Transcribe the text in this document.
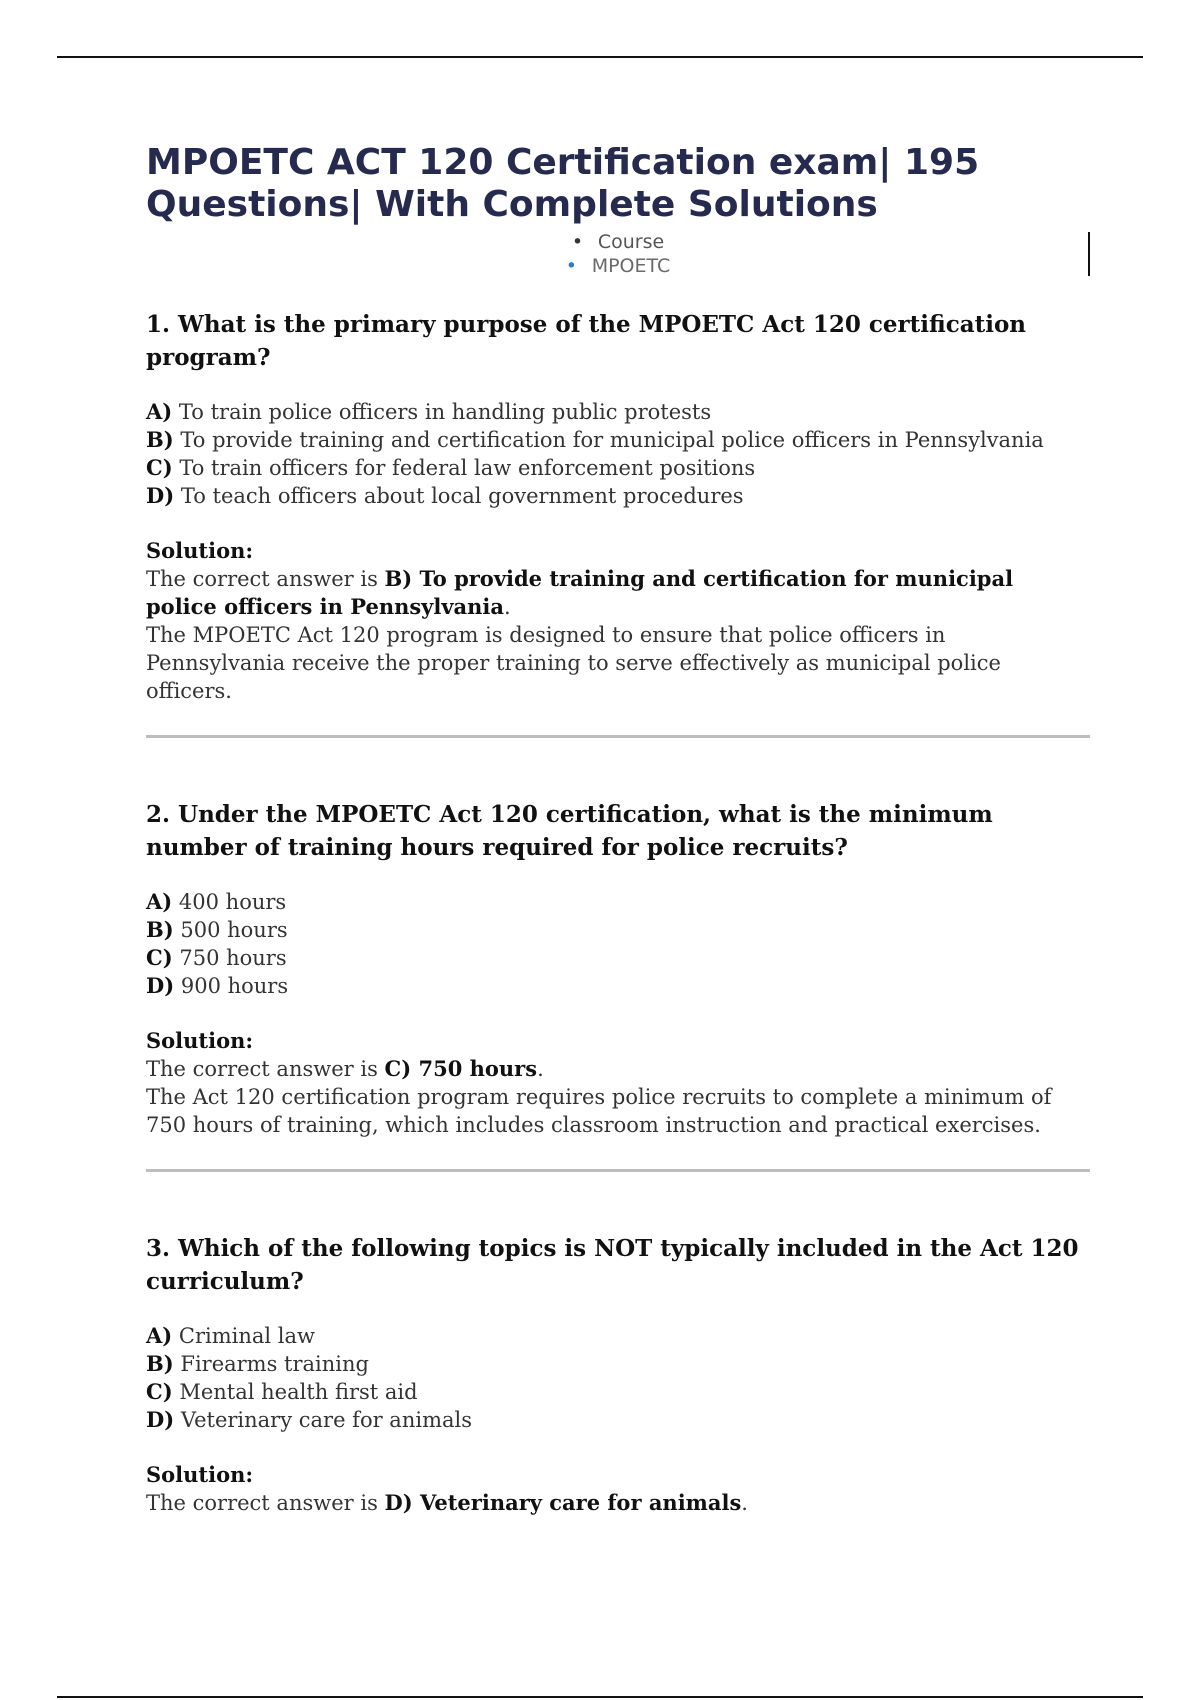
MPOETC ACT 120 Certification exam| 195 Questions| With Complete Solutions
• Course
• MPOETC
1. What is the primary purpose of the MPOETC Act 120 certification program?
A) To train police officers in handling public protests
B) To provide training and certification for municipal police officers in Pennsylvania
C) To train officers for federal law enforcement positions
D) To teach officers about local government procedures
Solution:
The correct answer is B) To provide training and certification for municipal police officers in Pennsylvania.
The MPOETC Act 120 program is designed to ensure that police officers in Pennsylvania receive the proper training to serve effectively as municipal police officers.
2. Under the MPOETC Act 120 certification, what is the minimum number of training hours required for police recruits?
A) 400 hours
B) 500 hours
C) 750 hours
D) 900 hours
Solution:
The correct answer is C) 750 hours.
The Act 120 certification program requires police recruits to complete a minimum of 750 hours of training, which includes classroom instruction and practical exercises.
3. Which of the following topics is NOT typically included in the Act 120 curriculum?
A) Criminal law
B) Firearms training
C) Mental health first aid
D) Veterinary care for animals
Solution:
The correct answer is D) Veterinary care for animals.
